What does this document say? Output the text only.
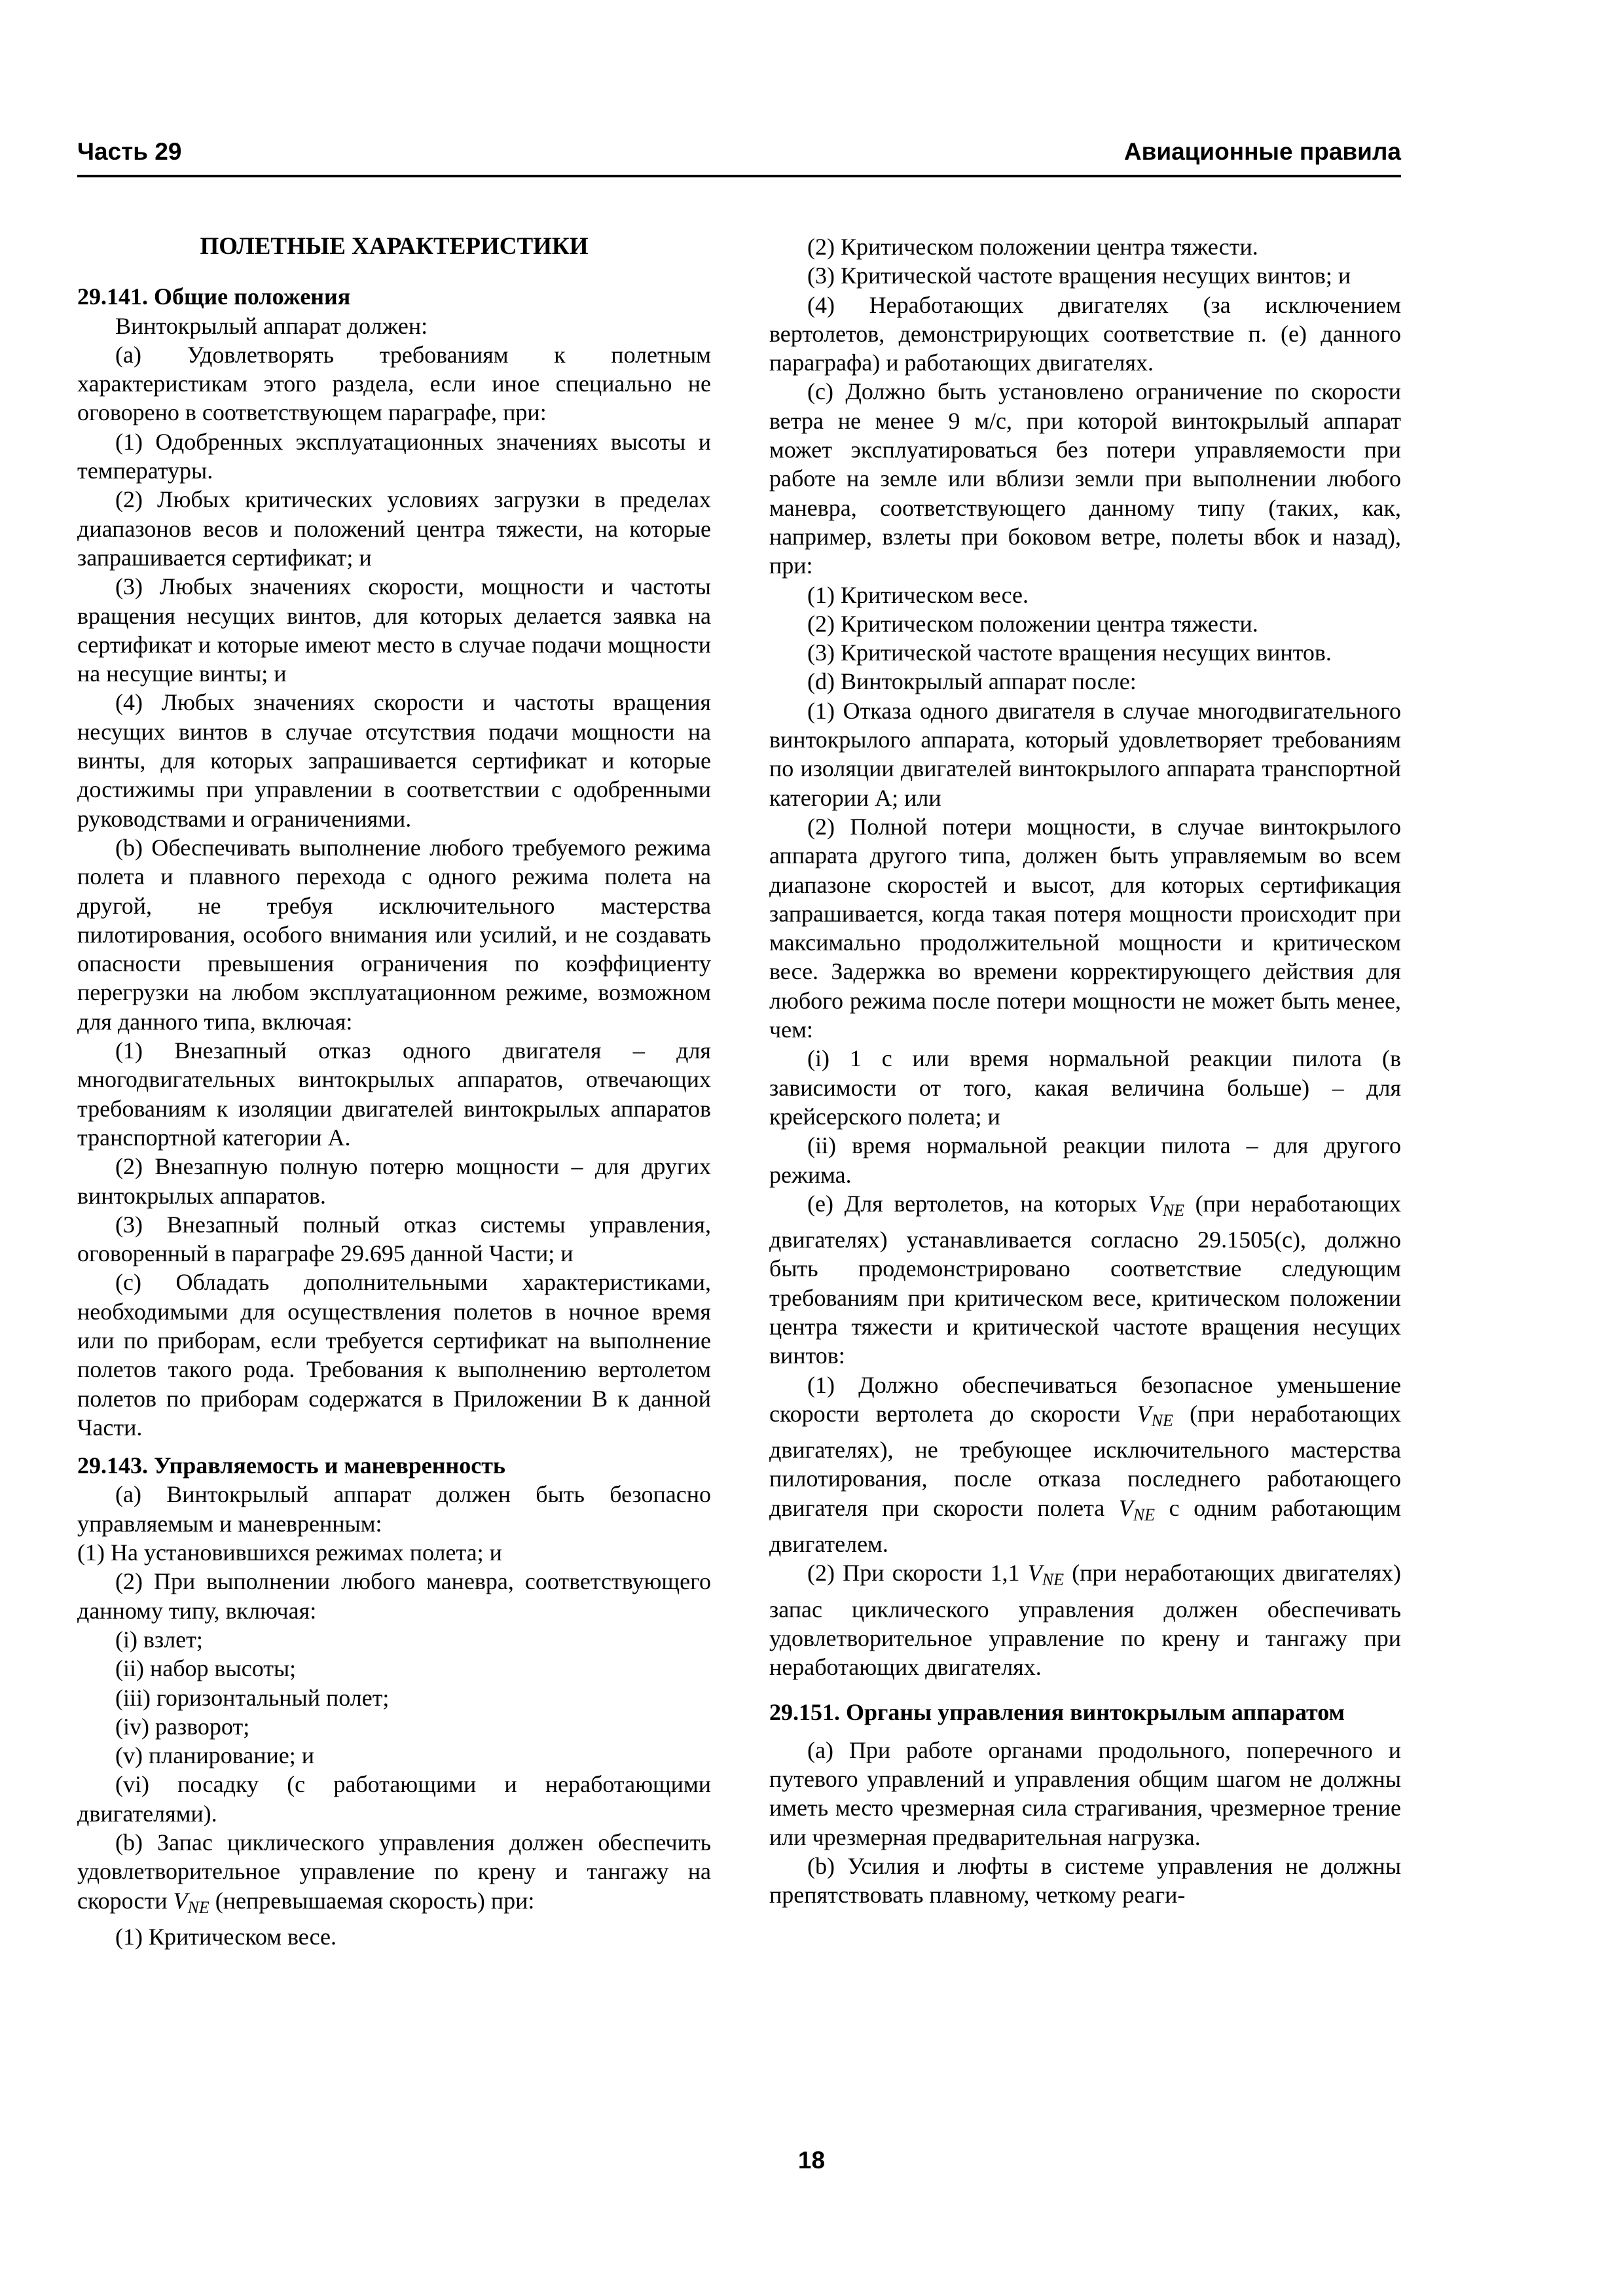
Часть 29	Авиационные правила

ПОЛЕТНЫЕ ХАРАКТЕРИСТИКИ

29.141. Общие положения

Винтокрылый аппарат должен:

(a) Удовлетворять требованиям к полетным характеристикам этого раздела, если иное специально не оговорено в соответствующем параграфе, при:

(1) Одобренных эксплуатационных значениях высоты и температуры.

(2) Любых критических условиях загрузки в пределах диапазонов весов и положений центра тяжести, на которые запрашивается сертификат; и

(3) Любых значениях скорости, мощности и частоты вращения несущих винтов, для которых делается заявка на сертификат и которые имеют место в случае подачи мощности на несущие винты; и

(4) Любых значениях скорости и частоты вращения несущих винтов в случае отсутствия подачи мощности на винты, для которых запрашивается сертификат и которые достижимы при управлении в соответствии с одобренными руководствами и ограничениями.

(b) Обеспечивать выполнение любого требуемого режима полета и плавного перехода с одного режима полета на другой, не требуя исключительного мастерства пилотирования, особого внимания или усилий, и не создавать опасности превышения ограничения по коэффициенту перегрузки на любом эксплуатационном режиме, возможном для данного типа, включая:

(1) Внезапный отказ одного двигателя – для многодвигательных винтокрылых аппаратов, отвечающих требованиям к изоляции двигателей винтокрылых аппаратов транспортной категории А.

(2) Внезапную полную потерю мощности – для других винтокрылых аппаратов.

(3) Внезапный полный отказ системы управления, оговоренный в параграфе 29.695 данной Части; и

(c) Обладать дополнительными характеристиками, необходимыми для осуществления полетов в ночное время или по приборам, если требуется сертификат на выполнение полетов такого рода. Требования к выполнению вертолетом полетов по приборам содержатся в Приложении В к данной Части.

29.143. Управляемость и маневренность

(a) Винтокрылый аппарат должен быть безопасно управляемым и маневренным:

(1) На установившихся режимах полета; и

(2) При выполнении любого маневра, соответствующего данному типу, включая:

(i) взлет;

(ii) набор высоты;

(iii) горизонтальный полет;

(iv) разворот;

(v) планирование; и

(vi) посадку (с работающими и неработающими двигателями).

(b) Запас циклического управления должен обеспечить удовлетворительное управление по крену и тангажу на скорости $V_{NE}$ (непревышаемая скорость) при:

(1) Критическом весе.

(2) Критическом положении центра тяжести.

(3) Критической частоте вращения несущих винтов; и

(4) Неработающих двигателях (за исключением вертолетов, демонстрирующих соответствие п. (e) данного параграфа) и работающих двигателях.

(c) Должно быть установлено ограничение по скорости ветра не менее 9 м/с, при которой винтокрылый аппарат может эксплуатироваться без потери управляемости при работе на земле или вблизи земли при выполнении любого маневра, соответствующего данному типу (таких, как, например, взлеты при боковом ветре, полеты вбок и назад), при:

(1) Критическом весе.

(2) Критическом положении центра тяжести.

(3) Критической частоте вращения несущих винтов.

(d) Винтокрылый аппарат после:

(1) Отказа одного двигателя в случае многодвигательного винтокрылого аппарата, который удовлетворяет требованиям по изоляции двигателей винтокрылого аппарата транспортной категории А; или

(2) Полной потери мощности, в случае винтокрылого аппарата другого типа, должен быть управляемым во всем диапазоне скоростей и высот, для которых сертификация запрашивается, когда такая потеря мощности происходит при максимально продолжительной мощности и критическом весе. Задержка во времени корректирующего действия для любого режима после потери мощности не может быть менее, чем:

(i) 1 с или время нормальной реакции пилота (в зависимости от того, какая величина больше) – для крейсерского полета; и

(ii) время нормальной реакции пилота – для другого режима.

(e) Для вертолетов, на которых $V_{NE}$ (при неработающих двигателях) устанавливается согласно 29.1505(c), должно быть продемонстрировано соответствие следующим требованиям при критическом весе, критическом положении центра тяжести и критической частоте вращения несущих винтов:

(1) Должно обеспечиваться безопасное уменьшение скорости вертолета до скорости $V_{NE}$ (при неработающих двигателях), не требующее исключительного мастерства пилотирования, после отказа последнего работающего двигателя при скорости полета $V_{NE}$ с одним работающим двигателем.

(2) При скорости 1,1 $V_{NE}$ (при неработающих двигателях) запас циклического управления должен обеспечивать удовлетворительное управление по крену и тангажу при неработающих двигателях.

29.151. Органы управления винтокрылым аппаратом

(a) При работе органами продольного, поперечного и путевого управлений и управления общим шагом не должны иметь место чрезмерная сила страгивания, чрезмерное трение или чрезмерная предварительная нагрузка.

(b) Усилия и люфты в системе управления не должны препятствовать плавному, четкому реаги-

18
